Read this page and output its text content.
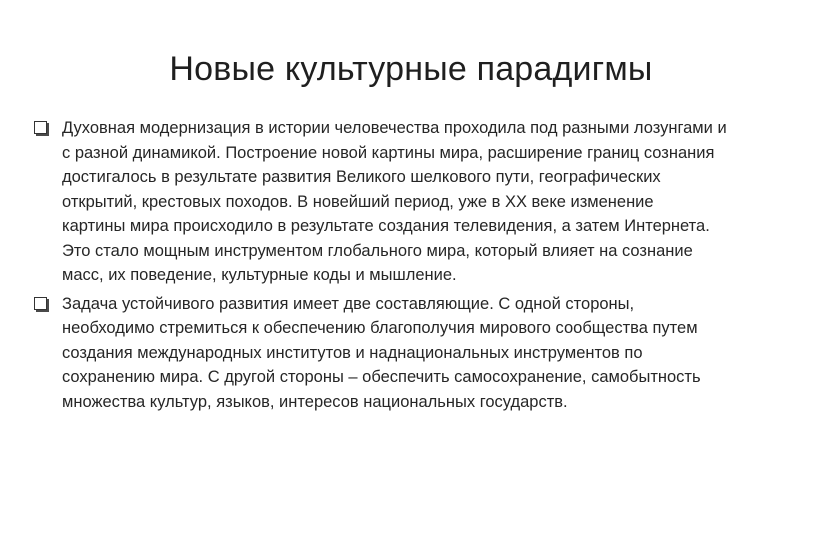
Новые культурные парадигмы

Духовная модернизация в истории человечества проходила под разными лозунгами и
с разной динамикой. Построение новой картины мира, расширение границ сознания
достигалось в результате развития Великого шелкового пути, географических
открытий, крестовых походов. В новейший период, уже в XX веке изменение
картины мира происходило в результате создания телевидения, а затем Интернета.
Это стало мощным инструментом глобального мира, который влияет на сознание
масс, их поведение, культурные коды и мышление.

Задача устойчивого развития имеет две составляющие. С одной стороны,
необходимо стремиться к обеспечению благополучия мирового сообщества путем
создания международных институтов и наднациональных инструментов по
сохранению мира. С другой стороны – обеспечить самосохранение, самобытность
множества культур, языков, интересов национальных государств.
